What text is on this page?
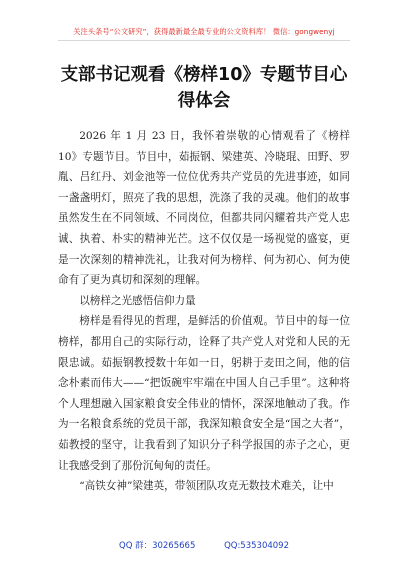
关注头条号“公文研究”，获得最新最全最专业的公文资料库！ 微信：gongwenyj
支部书记观看《榜样10》专题节目心得体会

2026 年 1 月 23 日，我怀着崇敬的心情观看了《榜样 10》专题节目。节目中，茹振钢、梁建英、冷晓琨、田野、罗胤、吕红丹、刘金池等一位位优秀共产党员的先进事迹，如同一盏盏明灯，照亮了我的思想，洗涤了我的灵魂。他们的故事虽然发生在不同领域、不同岗位，但都共同闪耀着共产党人忠诚、执着、朴实的精神光芒。这不仅仅是一场视觉的盛宴，更是一次深刻的精神洗礼，让我对何为榜样、何为初心、何为使命有了更为真切和深刻的理解。

以榜样之光感悟信仰力量

榜样是看得见的哲理，是鲜活的价值观。节目中的每一位榜样，都用自己的实际行动，诠释了共产党人对党和人民的无限忠诚。茹振钢教授数十年如一日，躬耕于麦田之间，他的信念朴素而伟大——“把饭碗牢牢端在中国人自己手里”。这种将个人理想融入国家粮食安全伟业的情怀，深深地触动了我。作为一名粮食系统的党员干部，我深知粮食安全是“国之大者”，茹教授的坚守，让我看到了知识分子科学报国的赤子之心，更让我感受到了那份沉甸甸的责任。

“高铁女神”梁建英，带领团队攻克无数技术难关，让中

QQ 群：30265665	QQ:535304092
